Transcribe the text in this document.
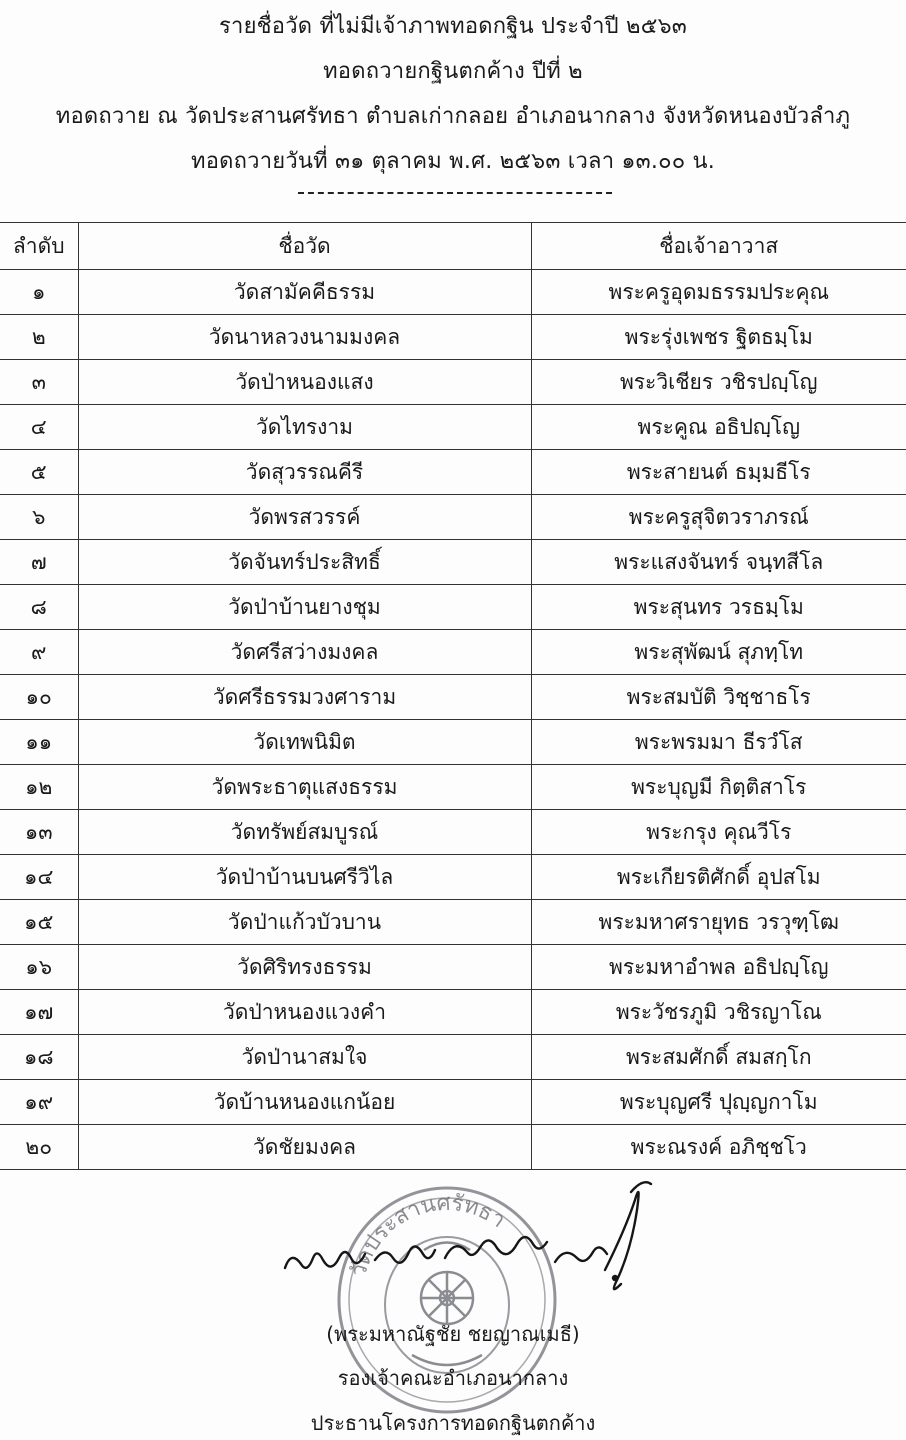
รายชื่อวัด ที่ไม่มีเจ้าภาพทอดกฐิน ประจำปี ๒๕๖๓
ทอดถวายกฐินตกค้าง ปีที่ ๒
ทอดถวาย ณ วัดประสานศรัทธา ตำบลเก่ากลอย อำเภอนากลาง จังหวัดหนองบัวลำภู
ทอดถวายวันที่ ๓๑ ตุลาคม พ.ศ. ๒๕๖๓ เวลา ๑๓.๐๐ น.
ลำดับ	ชื่อวัด	ชื่อเจ้าอาวาส
๑	วัดสามัคคีธรรม	พระครูอุดมธรรมประคุณ
๒	วัดนาหลวงนามมงคล	พระรุ่งเพชร ฐิตธมฺโม
๓	วัดป่าหนองแสง	พระวิเชียร วชิรปญฺโญ
๔	วัดไทรงาม	พระคูณ อธิปญฺโญ
๕	วัดสุวรรณคีรี	พระสายนต์ ธมฺมธีโร
๖	วัดพรสวรรค์	พระครูสุจิตวราภรณ์
๗	วัดจันทร์ประสิทธิ์	พระแสงจันทร์ จนฺทสีโล
๘	วัดป่าบ้านยางชุม	พระสุนทร วรธมฺโม
๙	วัดศรีสว่างมงคล	พระสุพัฒน์ สุภทฺโท
๑๐	วัดศรีธรรมวงศาราม	พระสมบัติ วิชฺชาธโร
๑๑	วัดเทพนิมิต	พระพรมมา ธีรวํโส
๑๒	วัดพระธาตุแสงธรรม	พระบุญมี กิตฺติสาโร
๑๓	วัดทรัพย์สมบูรณ์	พระกรุง คุณวีโร
๑๔	วัดป่าบ้านบนศรีวิไล	พระเกียรติศักดิ์ อุปสโม
๑๕	วัดป่าแก้วบัวบาน	พระมหาศรายุทธ วรวุฑฺโฒ
๑๖	วัดศิริทรงธรรม	พระมหาอำพล อธิปญฺโญ
๑๗	วัดป่าหนองแวงคำ	พระวัชรภูมิ วชิรญาโณ
๑๘	วัดป่านาสมใจ	พระสมศักดิ์ สมสกฺโก
๑๙	วัดบ้านหนองแกน้อย	พระบุญศรี ปุญฺญกาโม
๒๐	วัดชัยมงคล	พระณรงค์ อภิชฺชโว
วัดประสานศรัทธา
(พระมหาณัฐชัย ชยญาณเมธี)
รองเจ้าคณะอำเภอนากลาง
ประธานโครงการทอดกฐินตกค้าง
